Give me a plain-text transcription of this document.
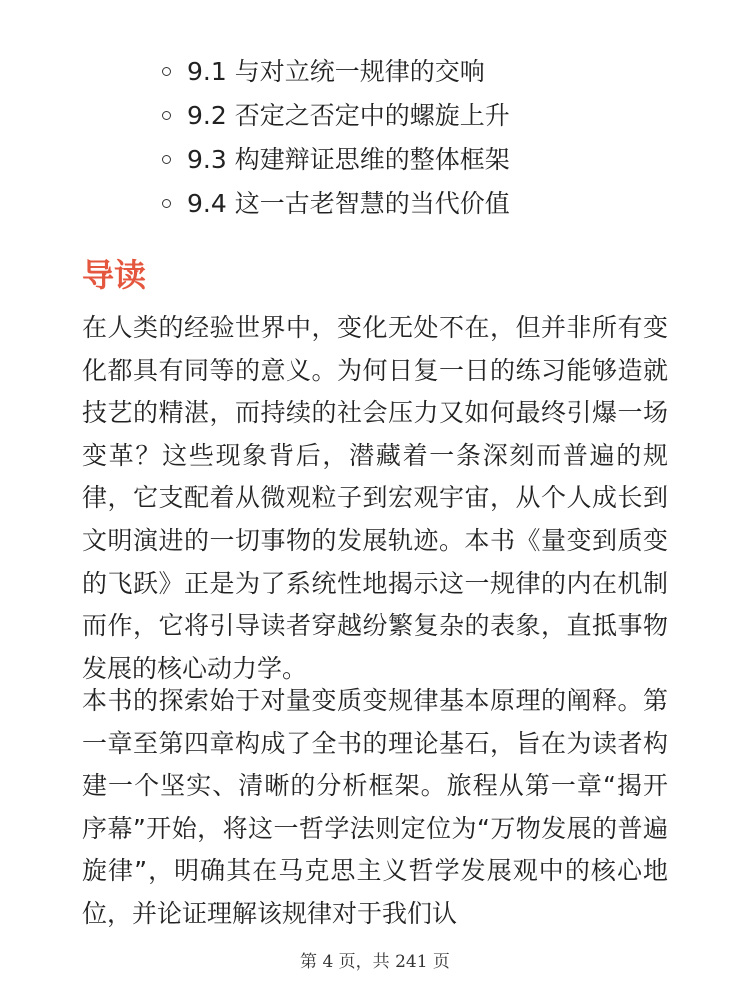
9.1 与对立统一规律的交响
9.2 否定之否定中的螺旋上升
9.3 构建辩证思维的整体框架
9.4 这一古老智慧的当代价值
导读

在人类的经验世界中，变化无处不在，但并非所有变化都具有同等的意义。为何日复一日的练习能够造就技艺的精湛，而持续的社会压力又如何最终引爆一场变革？这些现象背后，潜藏着一条深刻而普遍的规律，它支配着从微观粒子到宏观宇宙，从个人成长到文明演进的一切事物的发展轨迹。本书《量变到质变的飞跃》正是为了系统性地揭示这一规律的内在机制而作，它将引导读者穿越纷繁复杂的表象，直抵事物发展的核心动力学。

本书的探索始于对量变质变规律基本原理的阐释。第一章至第四章构成了全书的理论基石，旨在为读者构建一个坚实、清晰的分析框架。旅程从第一章“揭开序幕”开始，将这一哲学法则定位为“万物发展的普遍旋律”，明确其在马克思主义哲学发展观中的核心地位，并论证理解该规律对于我们认

第 4 页，共 241 页
